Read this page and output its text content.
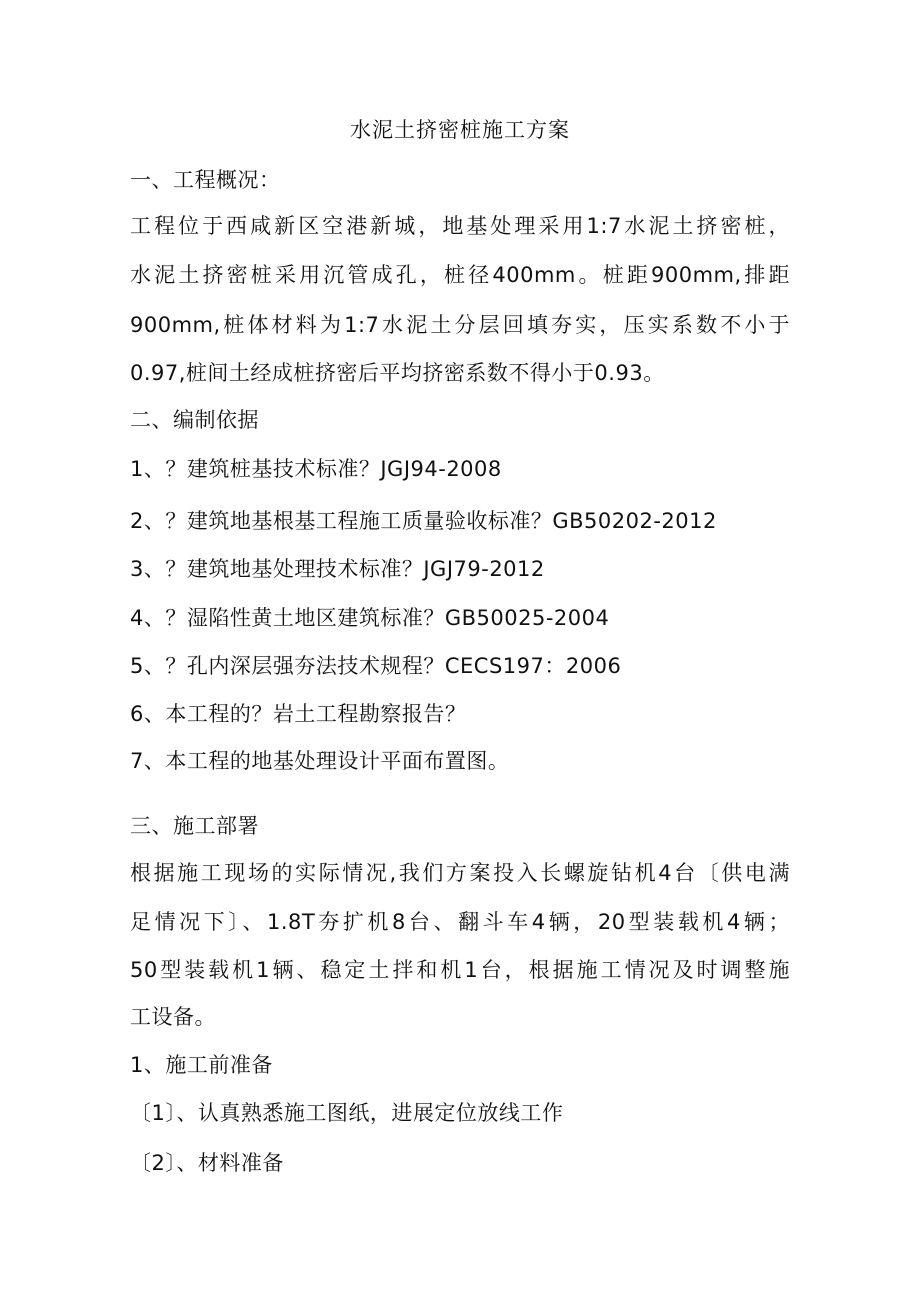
水泥土挤密桩施工方案
一、工程概况：
工程位于西咸新区空港新城，地基处理采用1:7水泥土挤密桩，
水泥土挤密桩采用沉管成孔，桩径400mm。桩距900mm,排距
900mm,桩体材料为1:7水泥土分层回填夯实，压实系数不小于
0.97,桩间土经成桩挤密后平均挤密系数不得小于0.93。
二、编制依据
1、？建筑桩基技术标准？JGJ94-2008
2、？建筑地基根基工程施工质量验收标准？GB50202-2012
3、？建筑地基处理技术标准？JGJ79-2012
4、？湿陷性黄土地区建筑标准？GB50025-2004
5、？孔内深层强夯法技术规程？CECS197：2006
6、本工程的？岩土工程勘察报告？
7、本工程的地基处理设计平面布置图。
三、施工部署
根据施工现场的实际情况,我们方案投入长螺旋钻机4台〔供电满
足情况下〕、1.8T夯扩机8台、翻斗车4辆，20型装载机4辆；
50型装载机1辆、稳定土拌和机1台，根据施工情况及时调整施
工设备。
1、施工前准备
〔1〕、认真熟悉施工图纸，进展定位放线工作
〔2〕、材料准备
